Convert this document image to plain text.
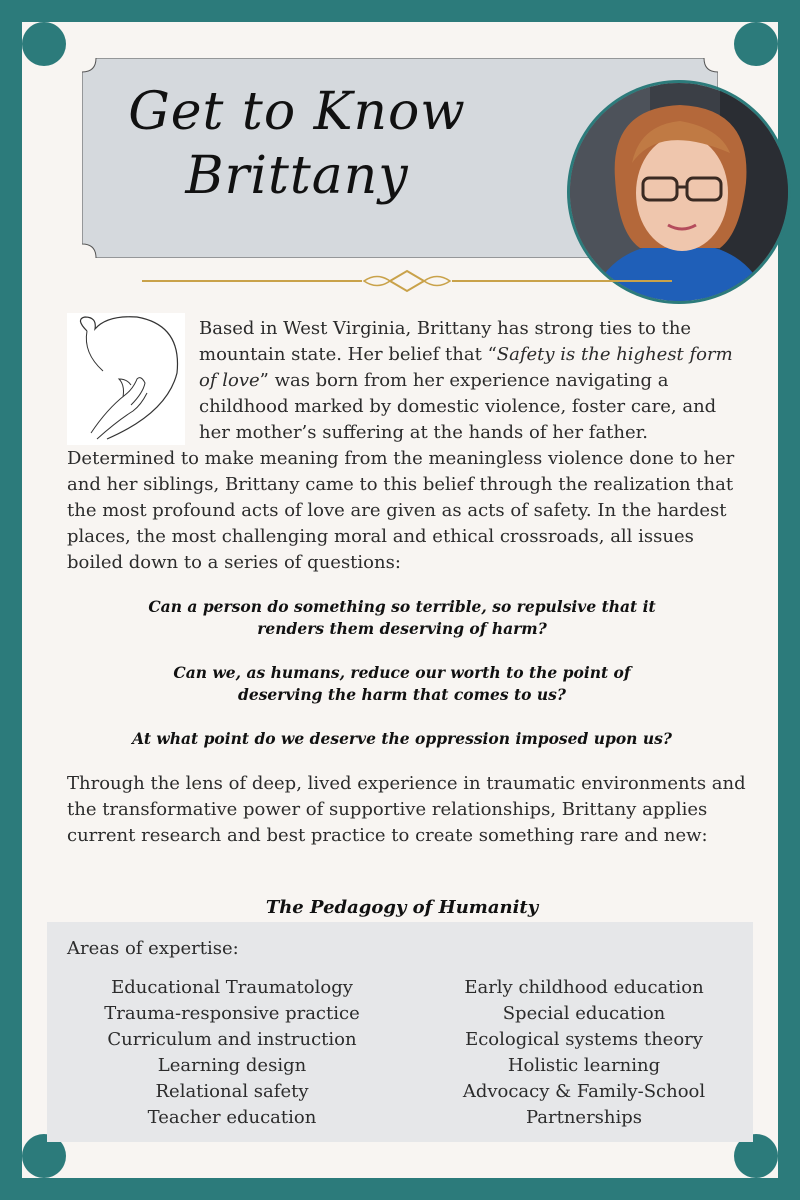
Get to Know
Brittany
Based in West Virginia, Brittany has strong ties to the mountain state. Her belief that “Safety is the highest form of love” was born from her experience navigating a childhood marked by domestic violence, foster care, and her mother’s suffering at the hands of her father. Determined to make meaning from the meaningless violence done to her and her siblings, Brittany came to this belief through the realization that the most profound acts of love are given as acts of safety. In the hardest places, the most challenging moral and ethical crossroads, all issues boiled down to a series of questions:

Can a person do something so terrible, so repulsive that it renders them deserving of harm?

Can we, as humans, reduce our worth to the point of deserving the harm that comes to us?

At what point do we deserve the oppression imposed upon us?

Through the lens of deep, lived experience in traumatic environments and the transformative power of supportive relationships, Brittany applies current research and best practice to create something rare and new:
The Pedagogy of Humanity
Areas of expertise:
Educational Traumatology
Trauma-responsive practice
Curriculum and instruction
Learning design
Relational safety
Teacher education
Early childhood education
Special education
Ecological systems theory
Holistic learning
Advocacy & Family-School
Partnerships
